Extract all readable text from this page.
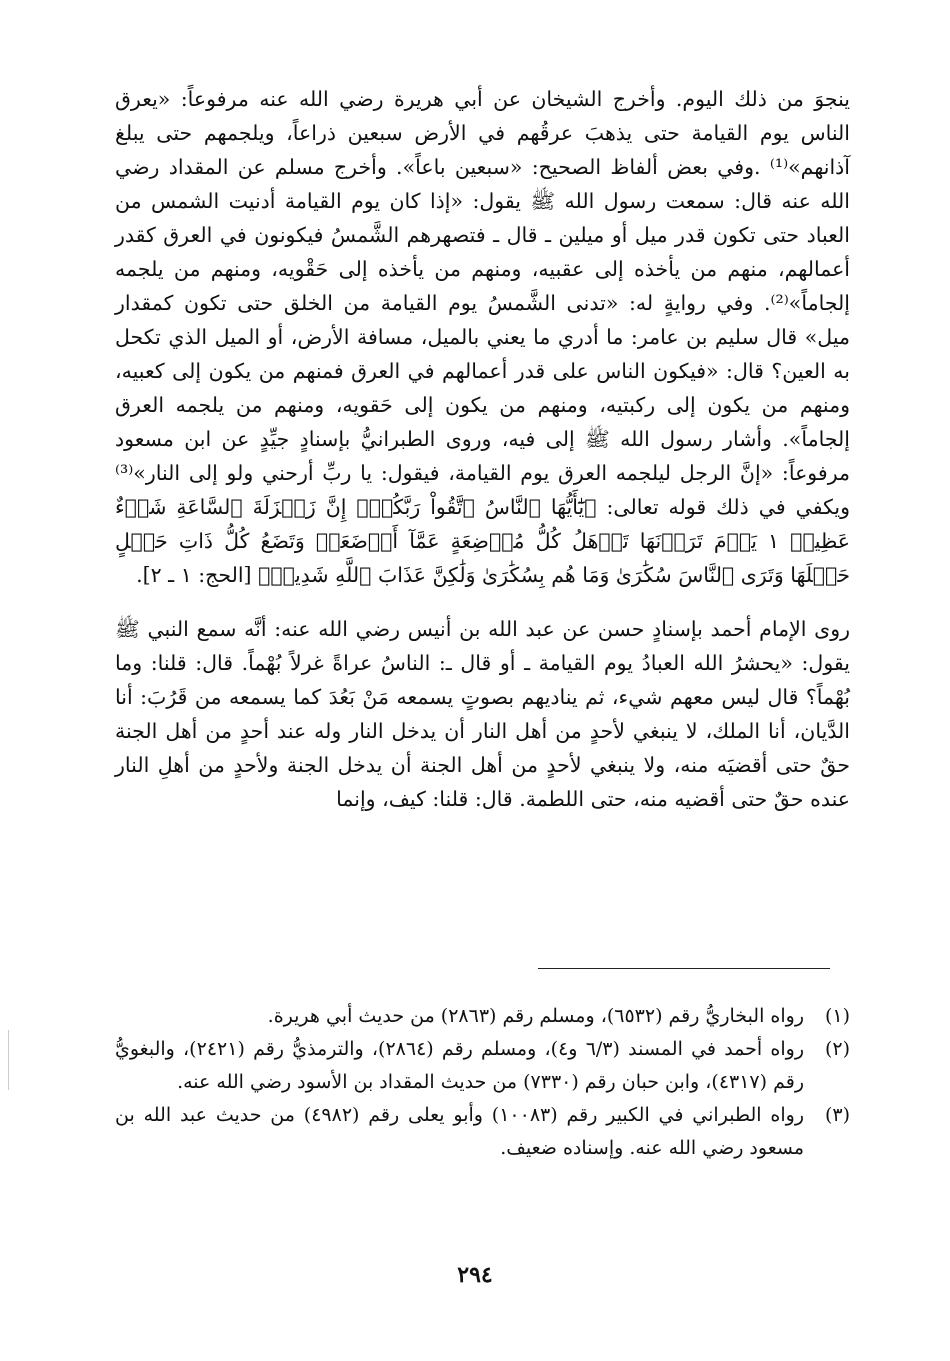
ينجوَ من ذلك اليوم. وأخرج الشيخان عن أبي هريرة رضي الله عنه مرفوعاً: «يعرق الناس يوم القيامة حتى يذهبَ عرقُهم في الأرض سبعين ذراعاً، ويلجمهم حتى يبلغ آذانهم»⁽¹⁾ .وفي بعض ألفاظ الصحيح: «سبعين باعاً». وأخرج مسلم عن المقداد رضي الله عنه قال: سمعت رسول الله ﷺ يقول: «إذا كان يوم القيامة أدنيت الشمس من العباد حتى تكون قدر ميل أو ميلين ـ قال ـ فتصهرهم الشَّمسُ فيكونون في العرق كقدر أعمالهم، منهم من يأخذه إلى عقبيه، ومنهم من يأخذه إلى حَقْويه، ومنهم من يلجمه إلجاماً»⁽²⁾. وفي روايةٍ له: «تدنى الشَّمسُ يوم القيامة من الخلق حتى تكون كمقدار ميل» قال سليم بن عامر: ما أدري ما يعني بالميل، مسافة الأرض، أو الميل الذي تكحل به العين؟ قال: «فيكون الناس على قدر أعمالهم في العرق فمنهم من يكون إلى كعبيه، ومنهم من يكون إلى ركبتيه، ومنهم من يكون إلى حَقويه، ومنهم من يلجمه العرق إلجاماً». وأشار رسول الله ﷺ إلى فيه، وروى الطبرانيُّ بإسنادٍ جيِّدٍ عن ابن مسعود مرفوعاً: «إنَّ الرجل ليلجمه العرق يوم القيامة، فيقول: يا ربِّ أرحني ولو إلى النار»⁽³⁾ ويكفي في ذلك قوله تعالى: ﴿يَٰٓأَيُّهَا ٱلنَّاسُ ٱتَّقُواْ رَبَّكُمْۚ إِنَّ زَلۡزَلَةَ ٱلسَّاعَةِ شَيۡءٌ عَظِيمٞ ١ يَوۡمَ تَرَوۡنَهَا تَذۡهَلُ كُلُّ مُرۡضِعَةٍ عَمَّآ أَرۡضَعَتۡ وَتَضَعُ كُلُّ ذَاتِ حَمۡلٍ حَمۡلَهَا وَتَرَى ٱلنَّاسَ سُكَٰرَىٰ وَمَا هُم بِسُكَٰرَىٰ وَلَٰكِنَّ عَذَابَ ٱللَّهِ شَدِيدٞ﴾ [الحج: ١ ـ ٢].

روى الإمام أحمد بإسنادٍ حسن عن عبد الله بن أنيس رضي الله عنه: أنَّه سمع النبي ﷺ يقول: «يحشرُ الله العبادُ يوم القيامة ـ أو قال ـ: الناسُ عراةً غرلاً بُهْماً. قال: قلنا: وما بُهْماً؟ قال ليس معهم شيء، ثم يناديهم بصوتٍ يسمعه مَنْ بَعُدَ كما يسمعه من قَرُبَ: أنا الدَّيان، أنا الملك، لا ينبغي لأحدٍ من أهل النار أن يدخل النار وله عند أحدٍ من أهل الجنة حقٌ حتى أقضيَه منه، ولا ينبغي لأحدٍ من أهل الجنة أن يدخل الجنة ولأحدٍ من أهلِ النار عنده حقٌ حتى أقضيه منه، حتى اللطمة. قال: قلنا: كيف، وإنما

(١)
رواه البخاريُّ رقم (٦٥٣٢)، ومسلم رقم (٢٨٦٣) من حديث أبي هريرة.
(٢)
رواه أحمد في المسند (٦/٣ و٤)، ومسلم رقم (٢٨٦٤)، والترمذيُّ رقم (٢٤٢١)، والبغويُّ رقم (٤٣١٧)، وابن حبان رقم (٧٣٣٠) من حديث المقداد بن الأسود رضي الله عنه.
(٣)
رواه الطبراني في الكبير رقم (١٠٠٨٣) وأبو يعلى رقم (٤٩٨٢) من حديث عبد الله بن مسعود رضي الله عنه. وإسناده ضعيف.
٢٩٤
